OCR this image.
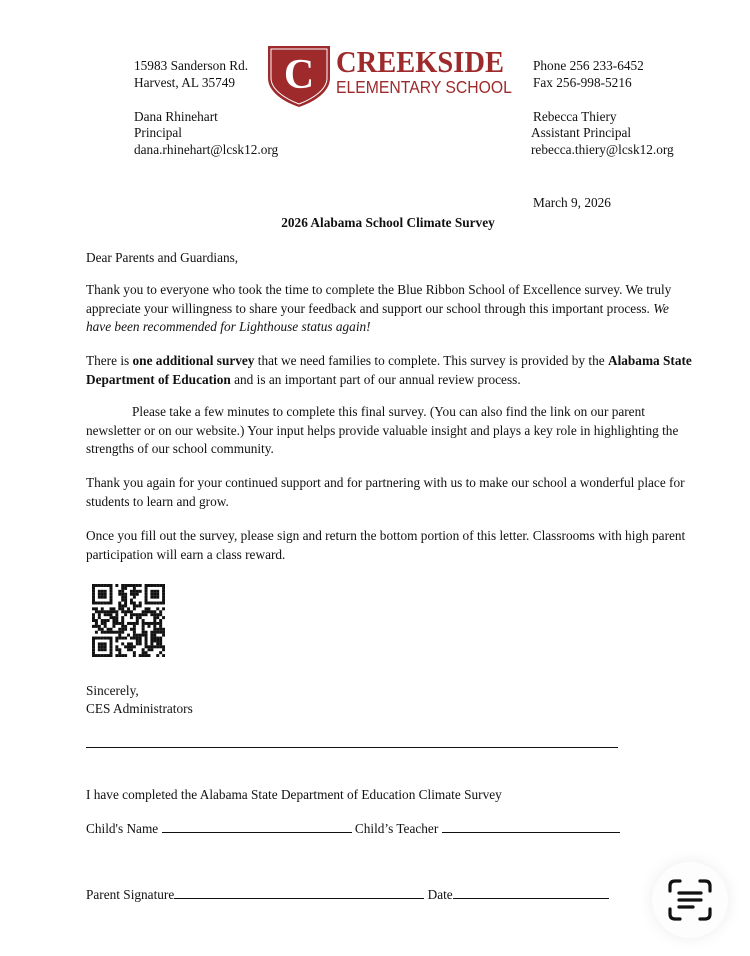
15983 Sanderson Rd.
Harvest, AL 35749 C CREEKSIDE
ELEMENTARY SCHOOL
Phone 256 233-6452
Fax 256-998-5216
Dana Rhinehart
Principal
dana.rhinehart@lcsk12.org
Rebecca Thiery
Assistant Principal
rebecca.thiery@lcsk12.org
March 9, 2026
2026 Alabama School Climate Survey
Dear Parents and Guardians,

Thank you to everyone who took the time to complete the Blue Ribbon School of Excellence survey. We truly appreciate your willingness to share your feedback and support our school through this important process. We have been recommended for Lighthouse status again!

There is one additional survey that we need families to complete. This survey is provided by the Alabama State Department of Education and is an important part of our annual review process.

Please take a few minutes to complete this final survey. (You can also find the link on our parent newsletter or on our website.) Your input helps provide valuable insight and plays a key role in highlighting the strengths of our school community.

Thank you again for your continued support and for partnering with us to make our school a wonderful place for students to learn and grow.

Once you fill out the survey, please sign and return the bottom portion of this letter. Classrooms with high parent participation will earn a class reward.

Sincerely,
CES Administrators
I have completed the Alabama State Department of Education Climate Survey
Child's Name	Child’s Teacher
Parent Signature	Date
